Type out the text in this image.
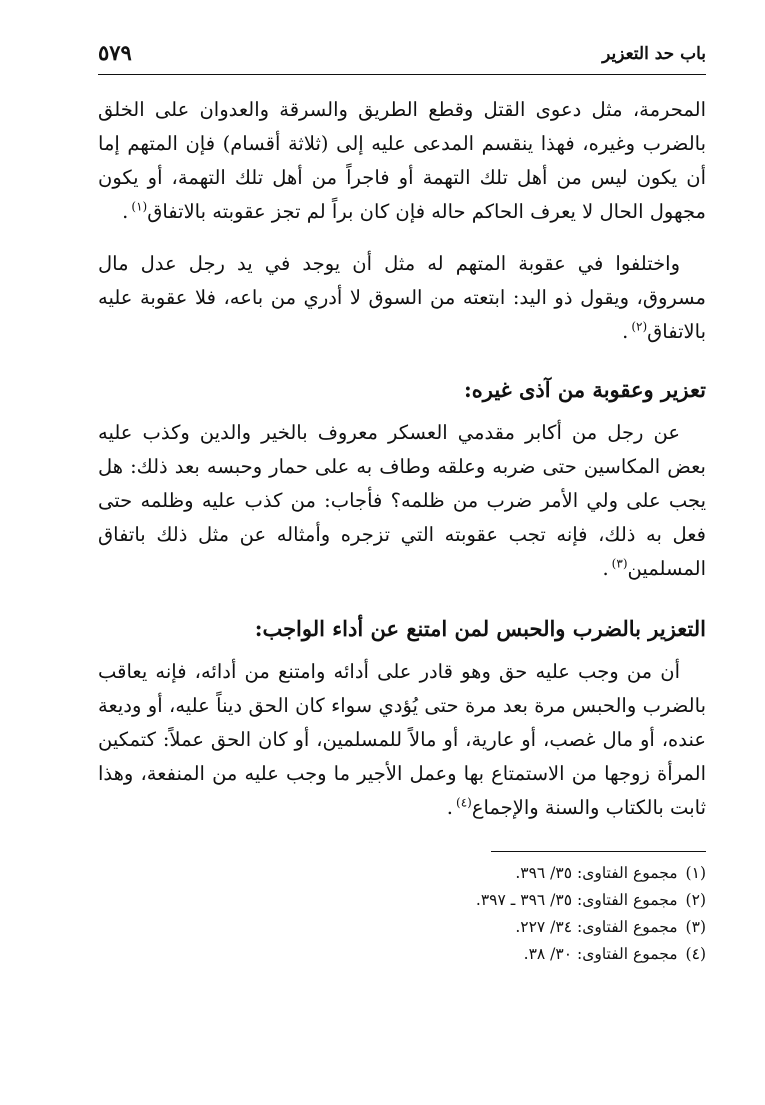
باب حد التعزير
٥٧٩

المحرمة، مثل دعوى القتل وقطع الطريق والسرقة والعدوان على الخلق بالضرب وغيره، فهذا ينقسم المدعى عليه إلى (ثلاثة أقسام) فإن المتهم إما أن يكون ليس من أهل تلك التهمة أو فاجراً من أهل تلك التهمة، أو يكون مجهول الحال لا يعرف الحاكم حاله فإن كان براً لم تجز عقوبته بالاتفاق$^{(١)}$.

واختلفوا في عقوبة المتهم له مثل أن يوجد في يد رجل عدل مال مسروق، ويقول ذو اليد: ابتعته من السوق لا أدري من باعه، فلا عقوبة عليه بالاتفاق$^{(٢)}$.

تعزير وعقوبة من آذى غيره:

عن رجل من أكابر مقدمي العسكر معروف بالخير والدين وكذب عليه بعض المكاسين حتى ضربه وعلقه وطاف به على حمار وحبسه بعد ذلك: هل يجب على ولي الأمر ضرب من ظلمه؟ فأجاب: من كذب عليه وظلمه حتى فعل به ذلك، فإنه تجب عقوبته التي تزجره وأمثاله عن مثل ذلك باتفاق المسلمين$^{(٣)}$.

التعزير بالضرب والحبس لمن امتنع عن أداء الواجب:

أن من وجب عليه حق وهو قادر على أدائه وامتنع من أدائه، فإنه يعاقب بالضرب والحبس مرة بعد مرة حتى يُؤدي سواء كان الحق ديناً عليه، أو وديعة عنده، أو مال غصب، أو عارية، أو مالاً للمسلمين، أو كان الحق عملاً: كتمكين المرأة زوجها من الاستمتاع بها وعمل الأجير ما وجب عليه من المنفعة، وهذا ثابت بالكتاب والسنة والإجماع$^{(٤)}$.

(١)مجموع الفتاوى: ٣٥/ ٣٩٦.
(٢)مجموع الفتاوى: ٣٥/ ٣٩٦ ـ ٣٩٧.
(٣)مجموع الفتاوى: ٣٤/ ٢٢٧.
(٤)مجموع الفتاوى: ٣٠/ ٣٨.
